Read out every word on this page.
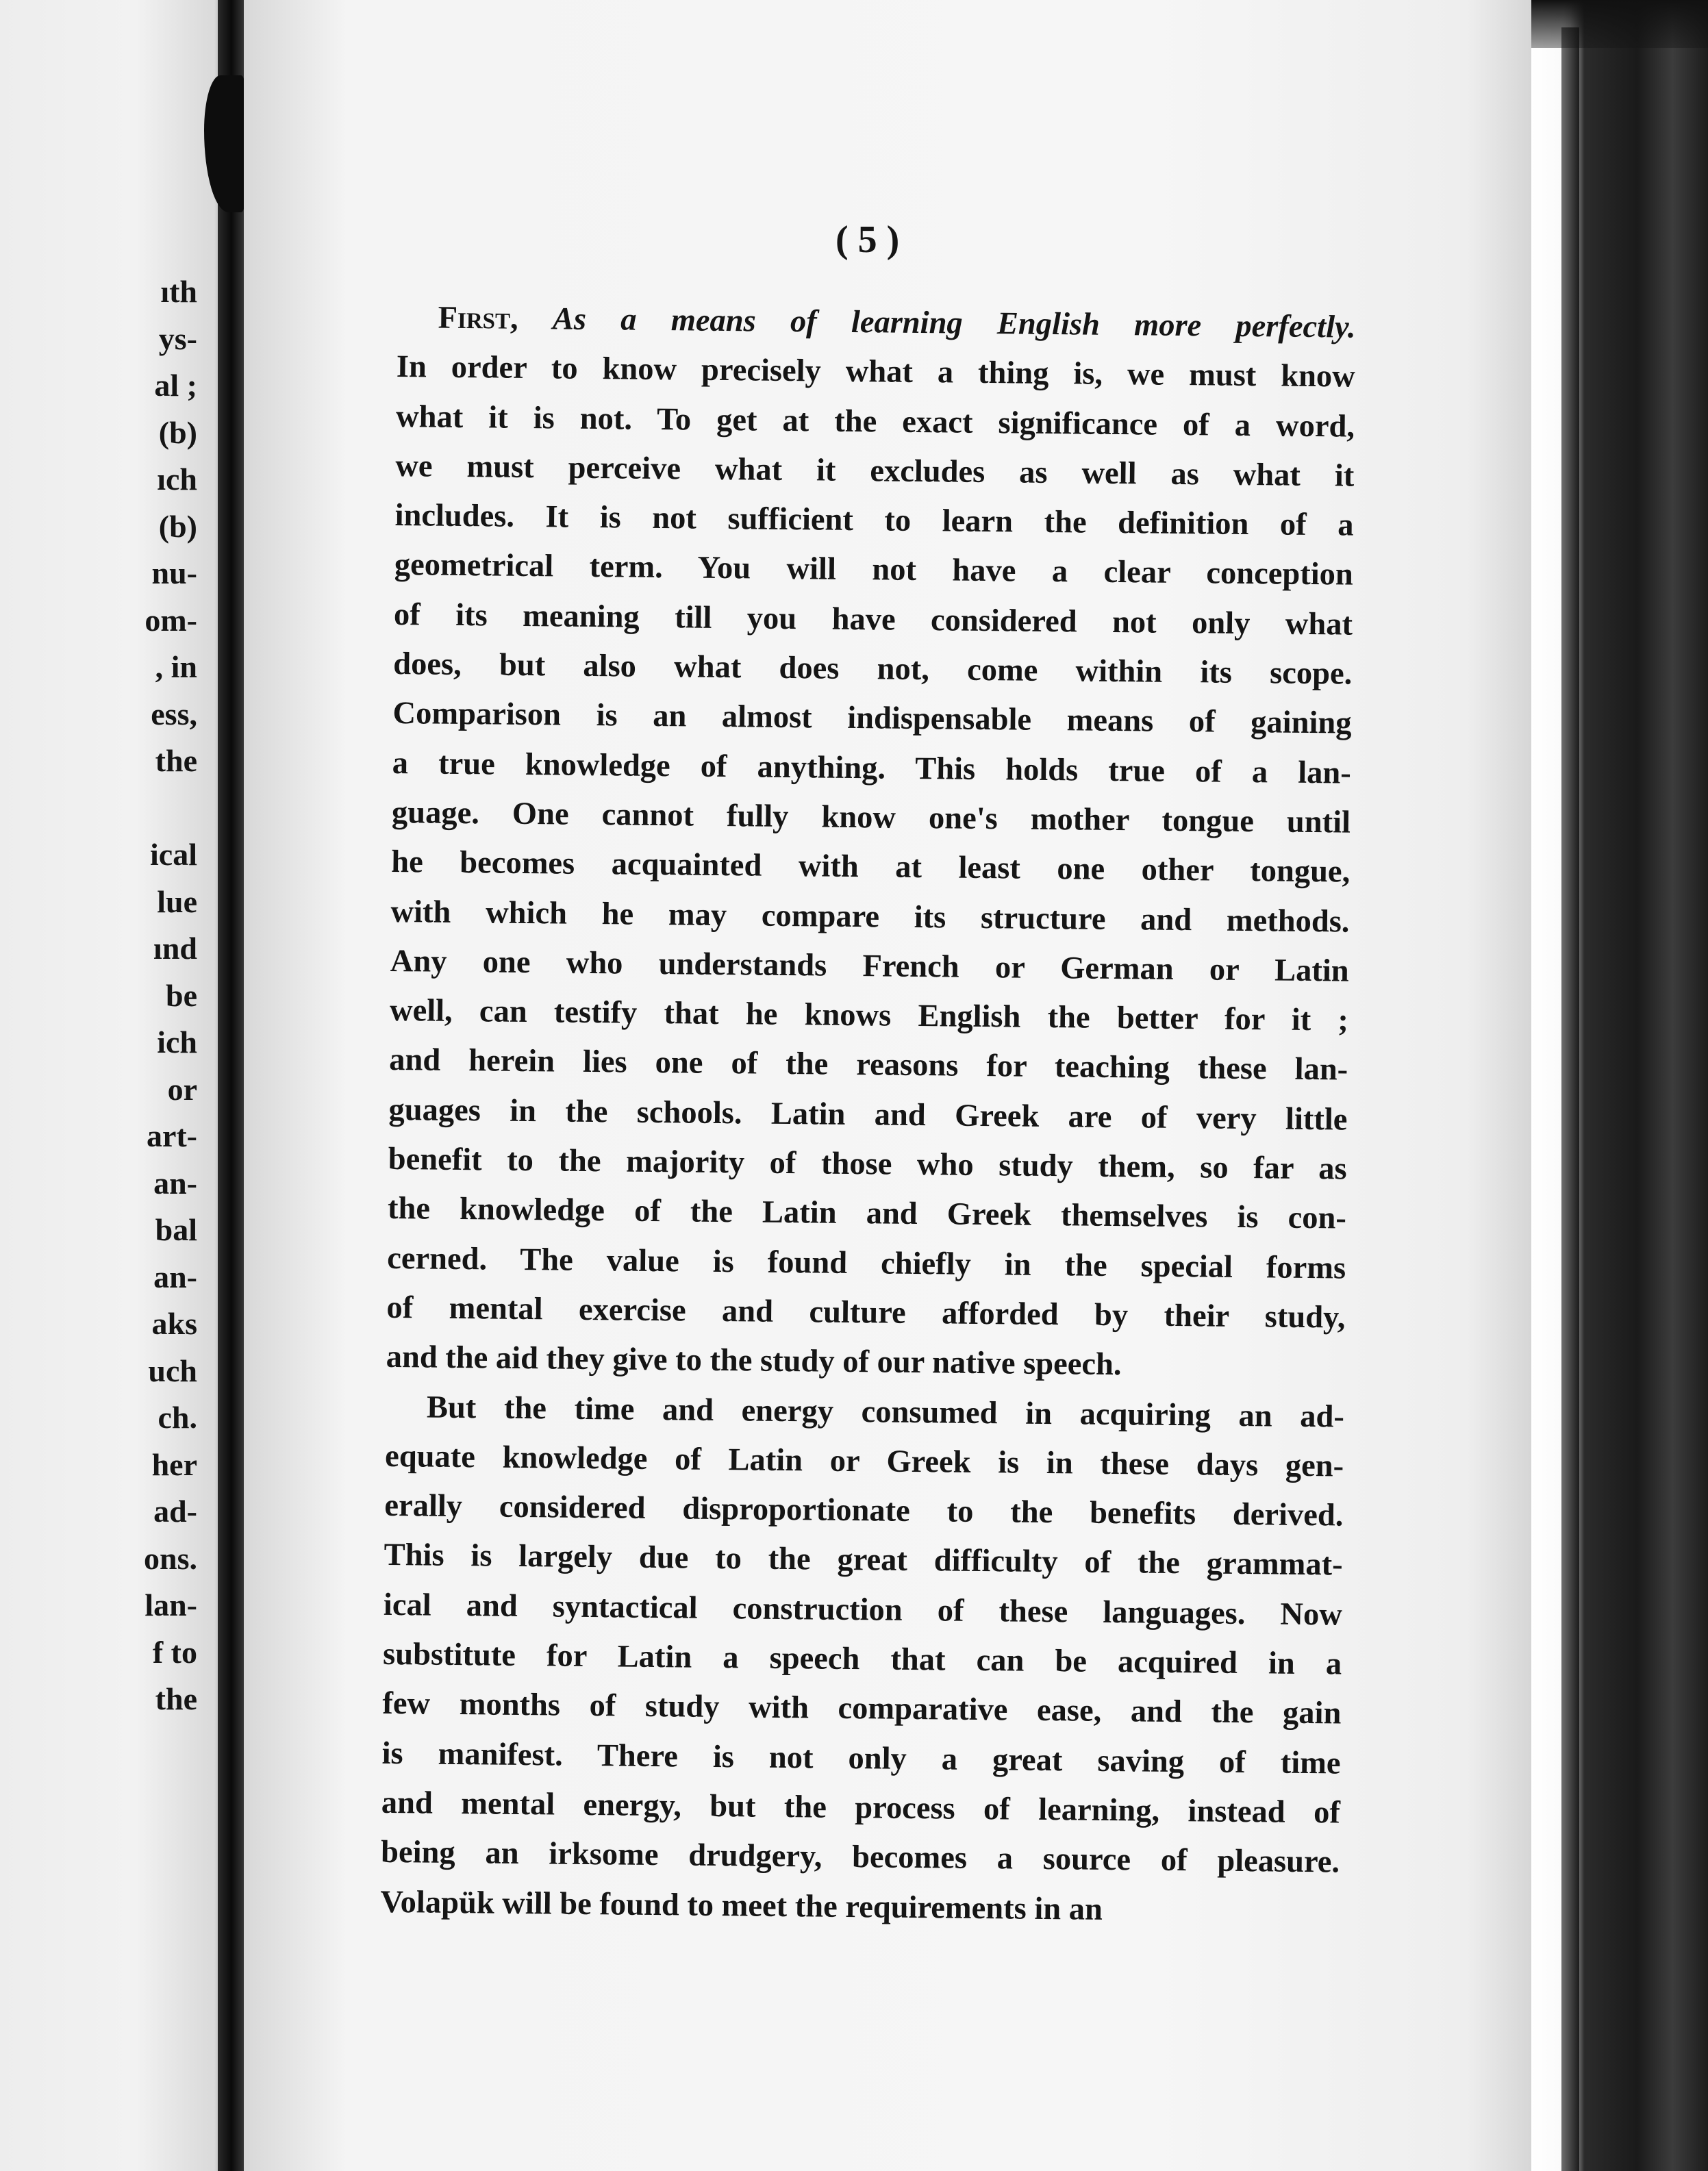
ıth
ys-
al ;
(b)
ıch
(b)
nu-
om-
, in
ess,
the

ical
lue
ınd
be
ich
or
art-
an-
bal
an-
aks
uch
ch.
her
ad-
ons.
lan-
f to
the
( 5 )
First, As a means of learning English more perfectly.
In order to know precisely what a thing is, we must know
what it is not. To get at the exact significance of a word,
we must perceive what it excludes as well as what it
includes. It is not sufficient to learn the definition of a
geometrical term. You will not have a clear conception
of its meaning till you have considered not only what
does, but also what does not, come within its scope.
Comparison is an almost indispensable means of gaining
a true knowledge of anything. This holds true of a lan-
guage. One cannot fully know one's mother tongue until
he becomes acquainted with at least one other tongue,
with which he may compare its structure and methods.
Any one who understands French or German or Latin
well, can testify that he knows English the better for it ;
and herein lies one of the reasons for teaching these lan-
guages in the schools. Latin and Greek are of very little
benefit to the majority of those who study them, so far as
the knowledge of the Latin and Greek themselves is con-
cerned. The value is found chiefly in the special forms
of mental exercise and culture afforded by their study,
and the aid they give to the study of our native speech.
But the time and energy consumed in acquiring an ad-
equate knowledge of Latin or Greek is in these days gen-
erally considered disproportionate to the benefits derived.
This is largely due to the great difficulty of the grammat-
ical and syntactical construction of these languages. Now
substitute for Latin a speech that can be acquired in a
few months of study with comparative ease, and the gain
is manifest. There is not only a great saving of time
and mental energy, but the process of learning, instead of
being an irksome drudgery, becomes a source of pleasure.
Volapük will be found to meet the requirements in an
